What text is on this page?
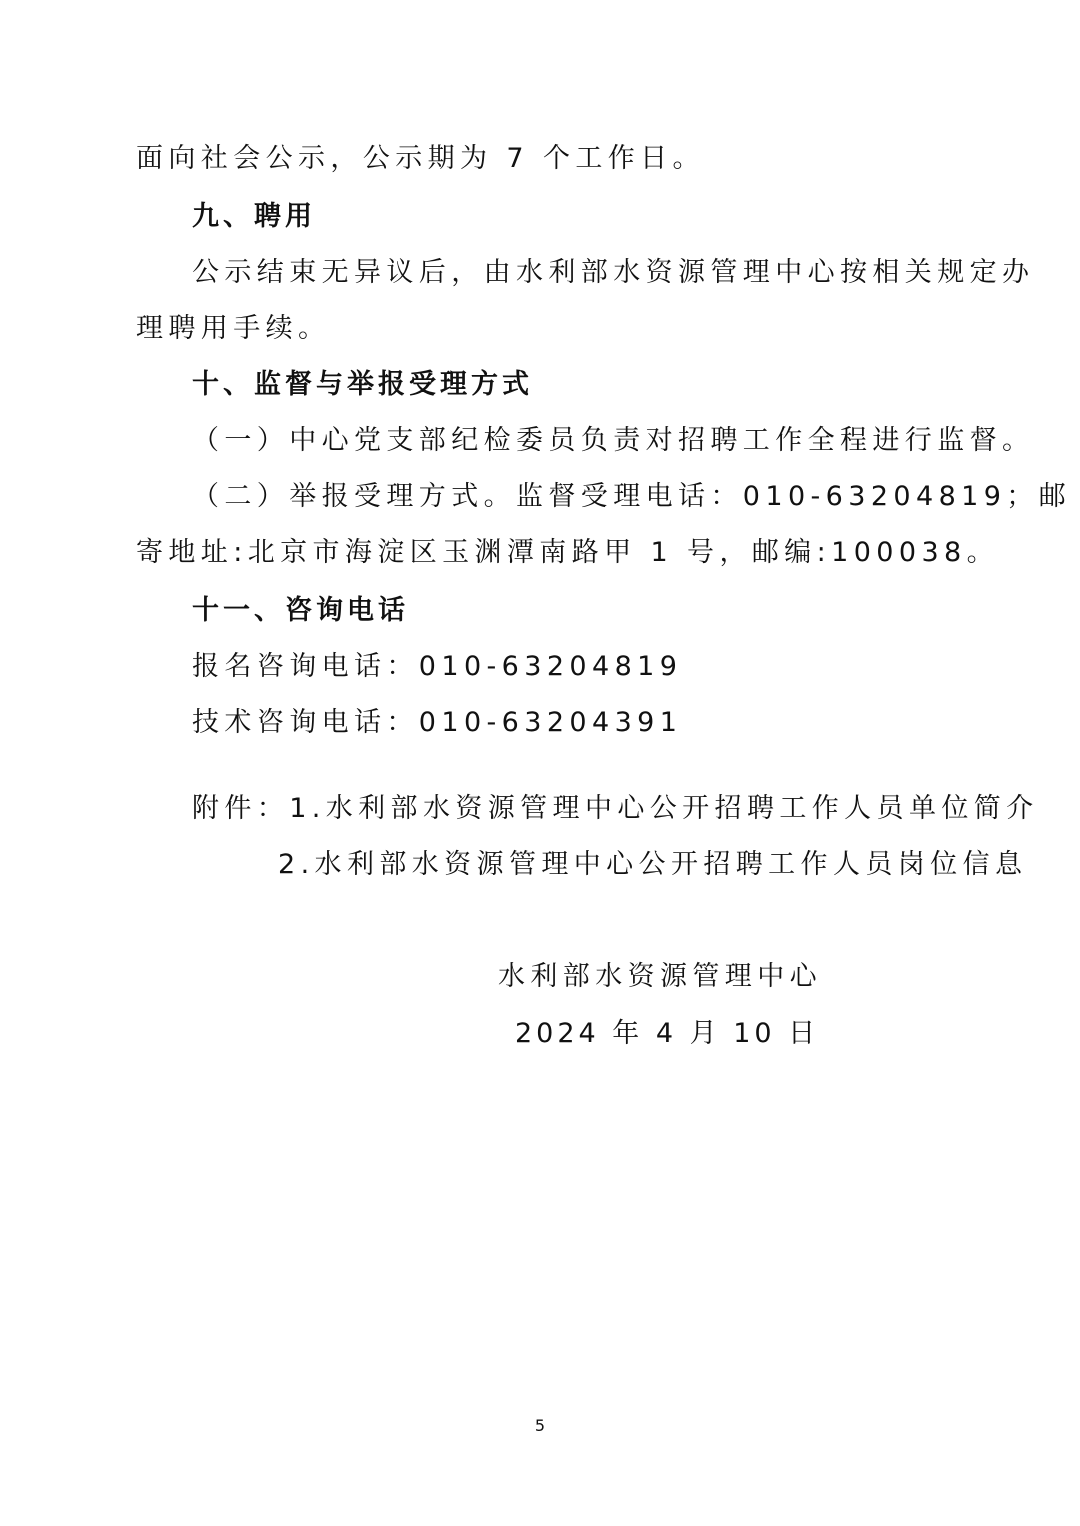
面向社会公示，公示期为 7 个工作日。
九、聘用
公示结束无异议后，由水利部水资源管理中心按相关规定办
理聘用手续。
十、监督与举报受理方式
（一）中心党支部纪检委员负责对招聘工作全程进行监督。
（二）举报受理方式。监督受理电话：010-63204819；邮
寄地址:北京市海淀区玉渊潭南路甲 1 号，邮编:100038。
十一、咨询电话
报名咨询电话：010-63204819
技术咨询电话：010-63204391
附件：1.水利部水资源管理中心公开招聘工作人员单位简介
2.水利部水资源管理中心公开招聘工作人员岗位信息
水利部水资源管理中心
2024 年 4 月 10 日
5
